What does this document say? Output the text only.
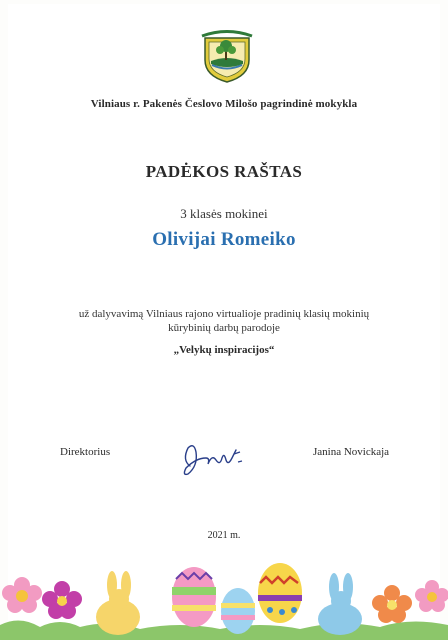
Vilniaus r. Pakenės Česlovo Milošo pagrindinė mokykla
PADĖKOS RAŠTAS
3 klasės mokinei
Olivijai Romeiko
už dalyvavimą Vilniaus rajono virtualioje pradinių klasių mokinių
kūrybinių darbų parodoje
„Velykų inspiracijos“
Direktorius	Janina Novickaja
2021 m.
